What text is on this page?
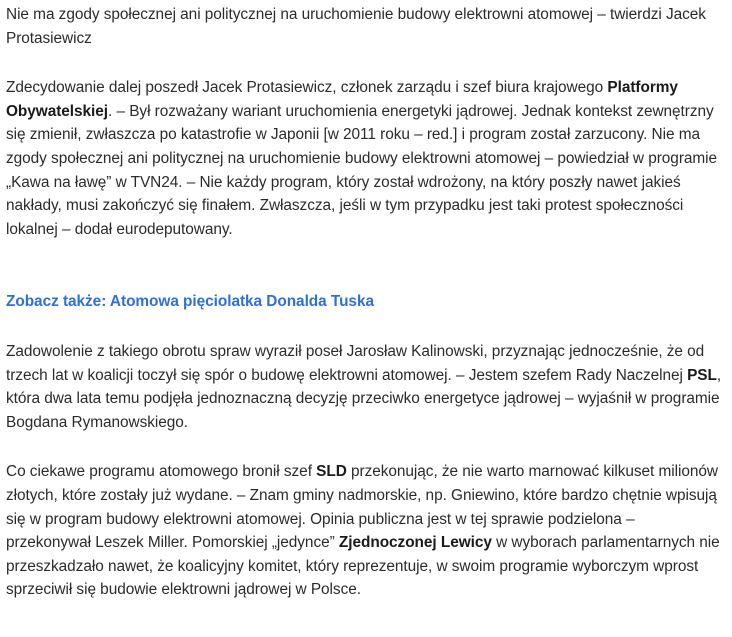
Nie ma zgody społecznej ani politycznej na uruchomienie budowy elektrowni atomowej – twierdzi Jacek Protasiewicz

Zdecydowanie dalej poszedł Jacek Protasiewicz, członek zarządu i szef biura krajowego Platformy Obywatelskiej. – Był rozważany wariant uruchomienia energetyki jądrowej. Jednak kontekst zewnętrzny się zmienił, zwłaszcza po katastrofie w Japonii [w 2011 roku – red.] i program został zarzucony. Nie ma zgody społecznej ani politycznej na uruchomienie budowy elektrowni atomowej – powiedział w programie „Kawa na ławę” w TVN24. – Nie każdy program, który został wdrożony, na który poszły nawet jakieś nakłady, musi zakończyć się finałem. Zwłaszcza, jeśli w tym przypadku jest taki protest społeczności lokalnej – dodał eurodeputowany.

Zobacz także: Atomowa pięciolatka Donalda Tuska

Zadowolenie z takiego obrotu spraw wyraził poseł Jarosław Kalinowski, przyznając jednocześnie, że od trzech lat w koalicji toczył się spór o budowę elektrowni atomowej. – Jestem szefem Rady Naczelnej PSL, która dwa lata temu podjęła jednoznaczną decyzję przeciwko energetyce jądrowej – wyjaśnił w programie Bogdana Rymanowskiego.

Co ciekawe programu atomowego bronił szef SLD przekonując, że nie warto marnować kilkuset milionów złotych, które zostały już wydane. – Znam gminy nadmorskie, np. Gniewino, które bardzo chętnie wpisują się w program budowy elektrowni atomowej. Opinia publiczna jest w tej sprawie podzielona – przekonywał Leszek Miller. Pomorskiej „jedynce” Zjednoczonej Lewicy w wyborach parlamentarnych nie przeszkadzało nawet, że koalicyjny komitet, który reprezentuje, w swoim programie wyborczym wprost sprzeciwił się budowie elektrowni jądrowej w Polsce.
